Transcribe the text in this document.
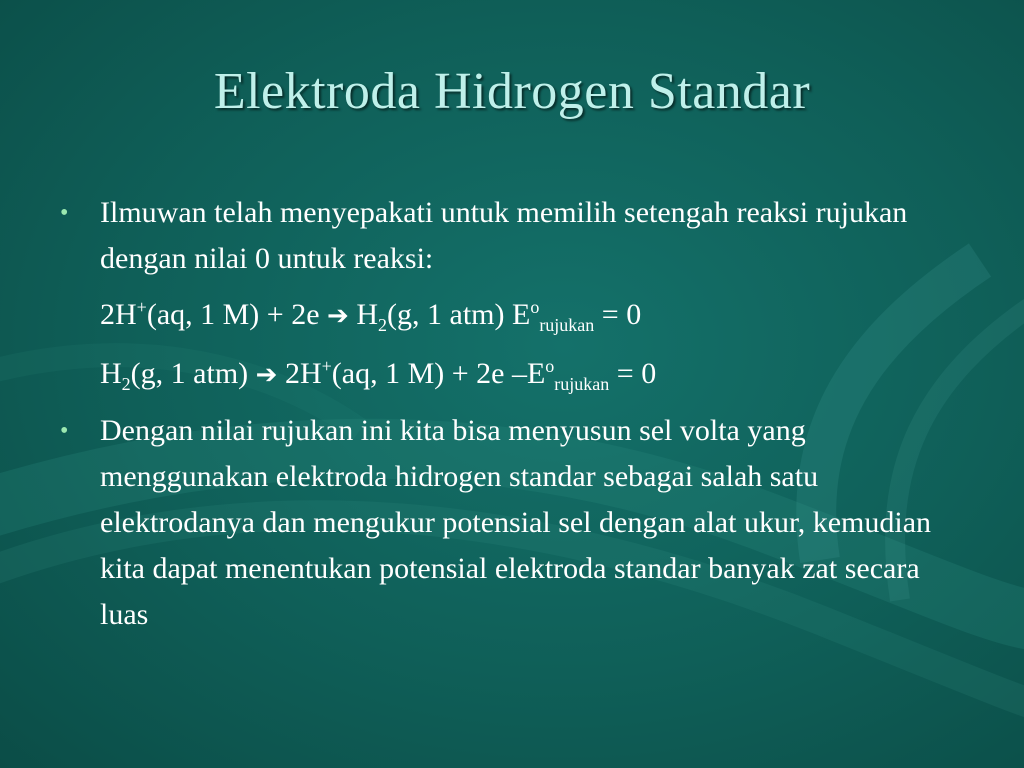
Elektroda Hidrogen Standar
• Ilmuwan telah menyepakati untuk memilih setengah reaksi rujukan dengan nilai 0 untuk reaksi:
2H+(aq, 1 M) + 2e ➔ $H_2(g$, 1 atm) $E^o_{rujukan} = 0$
$H_2(g$, 1 atm) ➔ 2H+(aq, 1 M) + 2e $-E^o_{rujukan} = 0$
• Dengan nilai rujukan ini kita bisa menyusun sel volta yang menggunakan elektroda hidrogen standar sebagai salah satu elektrodanya dan mengukur potensial sel dengan alat ukur, kemudian kita dapat menentukan potensial elektroda standar banyak zat secara luas
